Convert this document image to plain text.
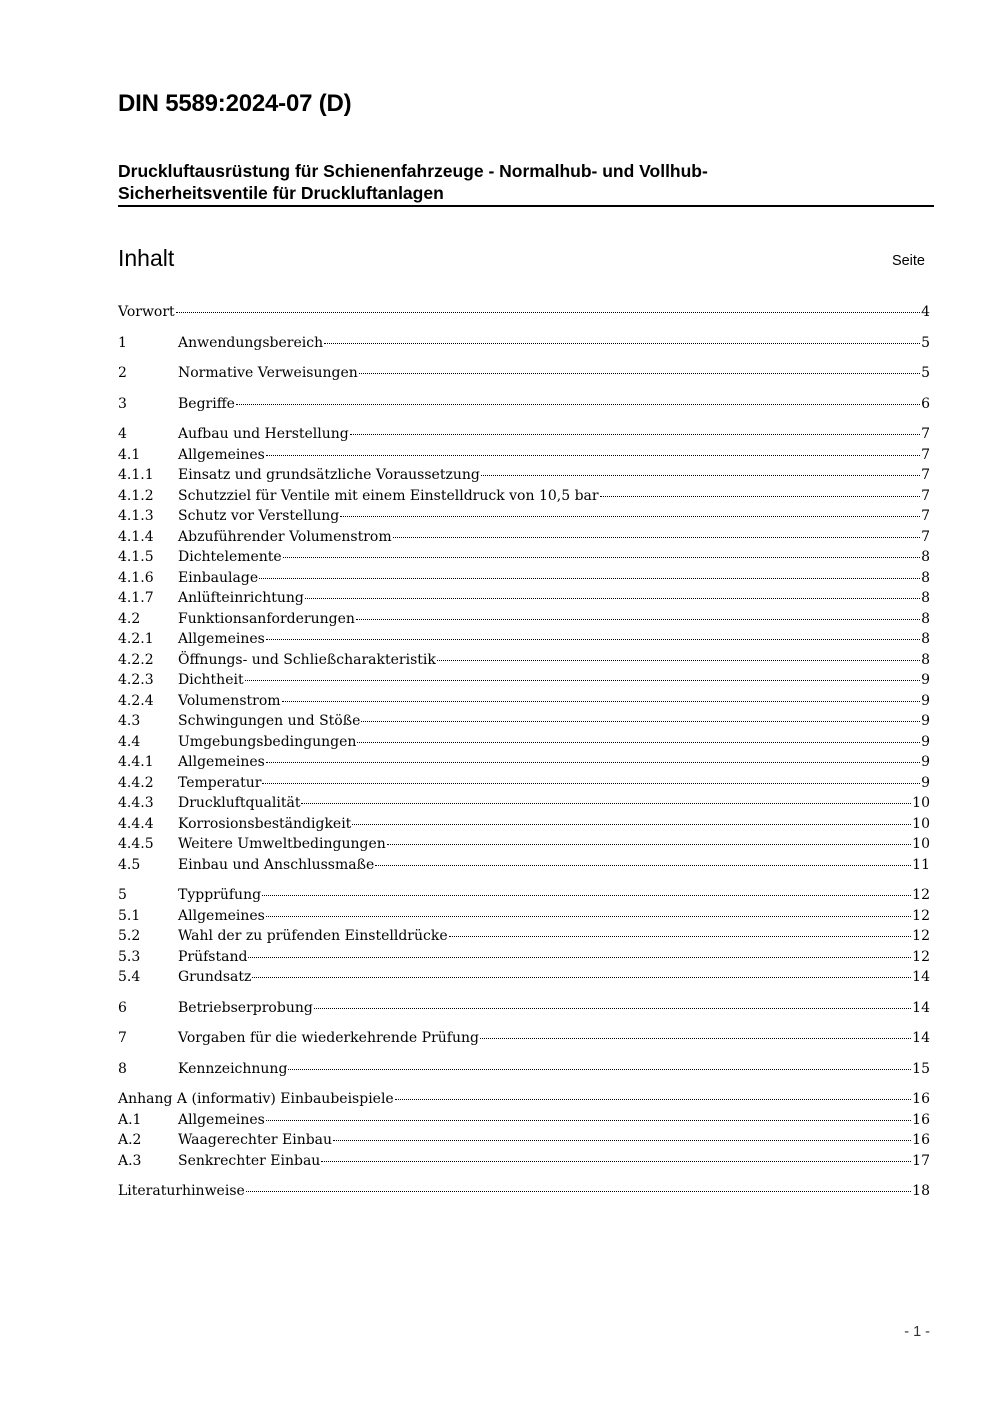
DIN 5589:2024-07 (D)
Druckluftausrüstung für Schienenfahrzeuge - Normalhub- und Vollhub-
Sicherheitsventile für Druckluftanlagen
Inhalt	Seite
Vorwort	4
1	Anwendungsbereich	5
2	Normative Verweisungen	5
3	Begriffe	6
4	Aufbau und Herstellung	7
4.1	Allgemeines	7
4.1.1	Einsatz und grundsätzliche Voraussetzung	7
4.1.2	Schutzziel für Ventile mit einem Einstelldruck von 10,5 bar	7
4.1.3	Schutz vor Verstellung	7
4.1.4	Abzuführender Volumenstrom	7
4.1.5	Dichtelemente	8
4.1.6	Einbaulage	8
4.1.7	Anlüfteinrichtung	8
4.2	Funktionsanforderungen	8
4.2.1	Allgemeines	8
4.2.2	Öffnungs- und Schließcharakteristik	8
4.2.3	Dichtheit	9
4.2.4	Volumenstrom	9
4.3	Schwingungen und Stöße	9
4.4	Umgebungsbedingungen	9
4.4.1	Allgemeines	9
4.4.2	Temperatur	9
4.4.3	Druckluftqualität	10
4.4.4	Korrosionsbeständigkeit	10
4.4.5	Weitere Umweltbedingungen	10
4.5	Einbau und Anschlussmaße	11
5	Typprüfung	12
5.1	Allgemeines	12
5.2	Wahl der zu prüfenden Einstelldrücke	12
5.3	Prüfstand	12
5.4	Grundsatz	14
6	Betriebserprobung	14
7	Vorgaben für die wiederkehrende Prüfung	14
8	Kennzeichnung	15
Anhang A (informativ) Einbaubeispiele	16
A.1	Allgemeines	16
A.2	Waagerechter Einbau	16
A.3	Senkrechter Einbau	17
Literaturhinweise	18
- 1 -
